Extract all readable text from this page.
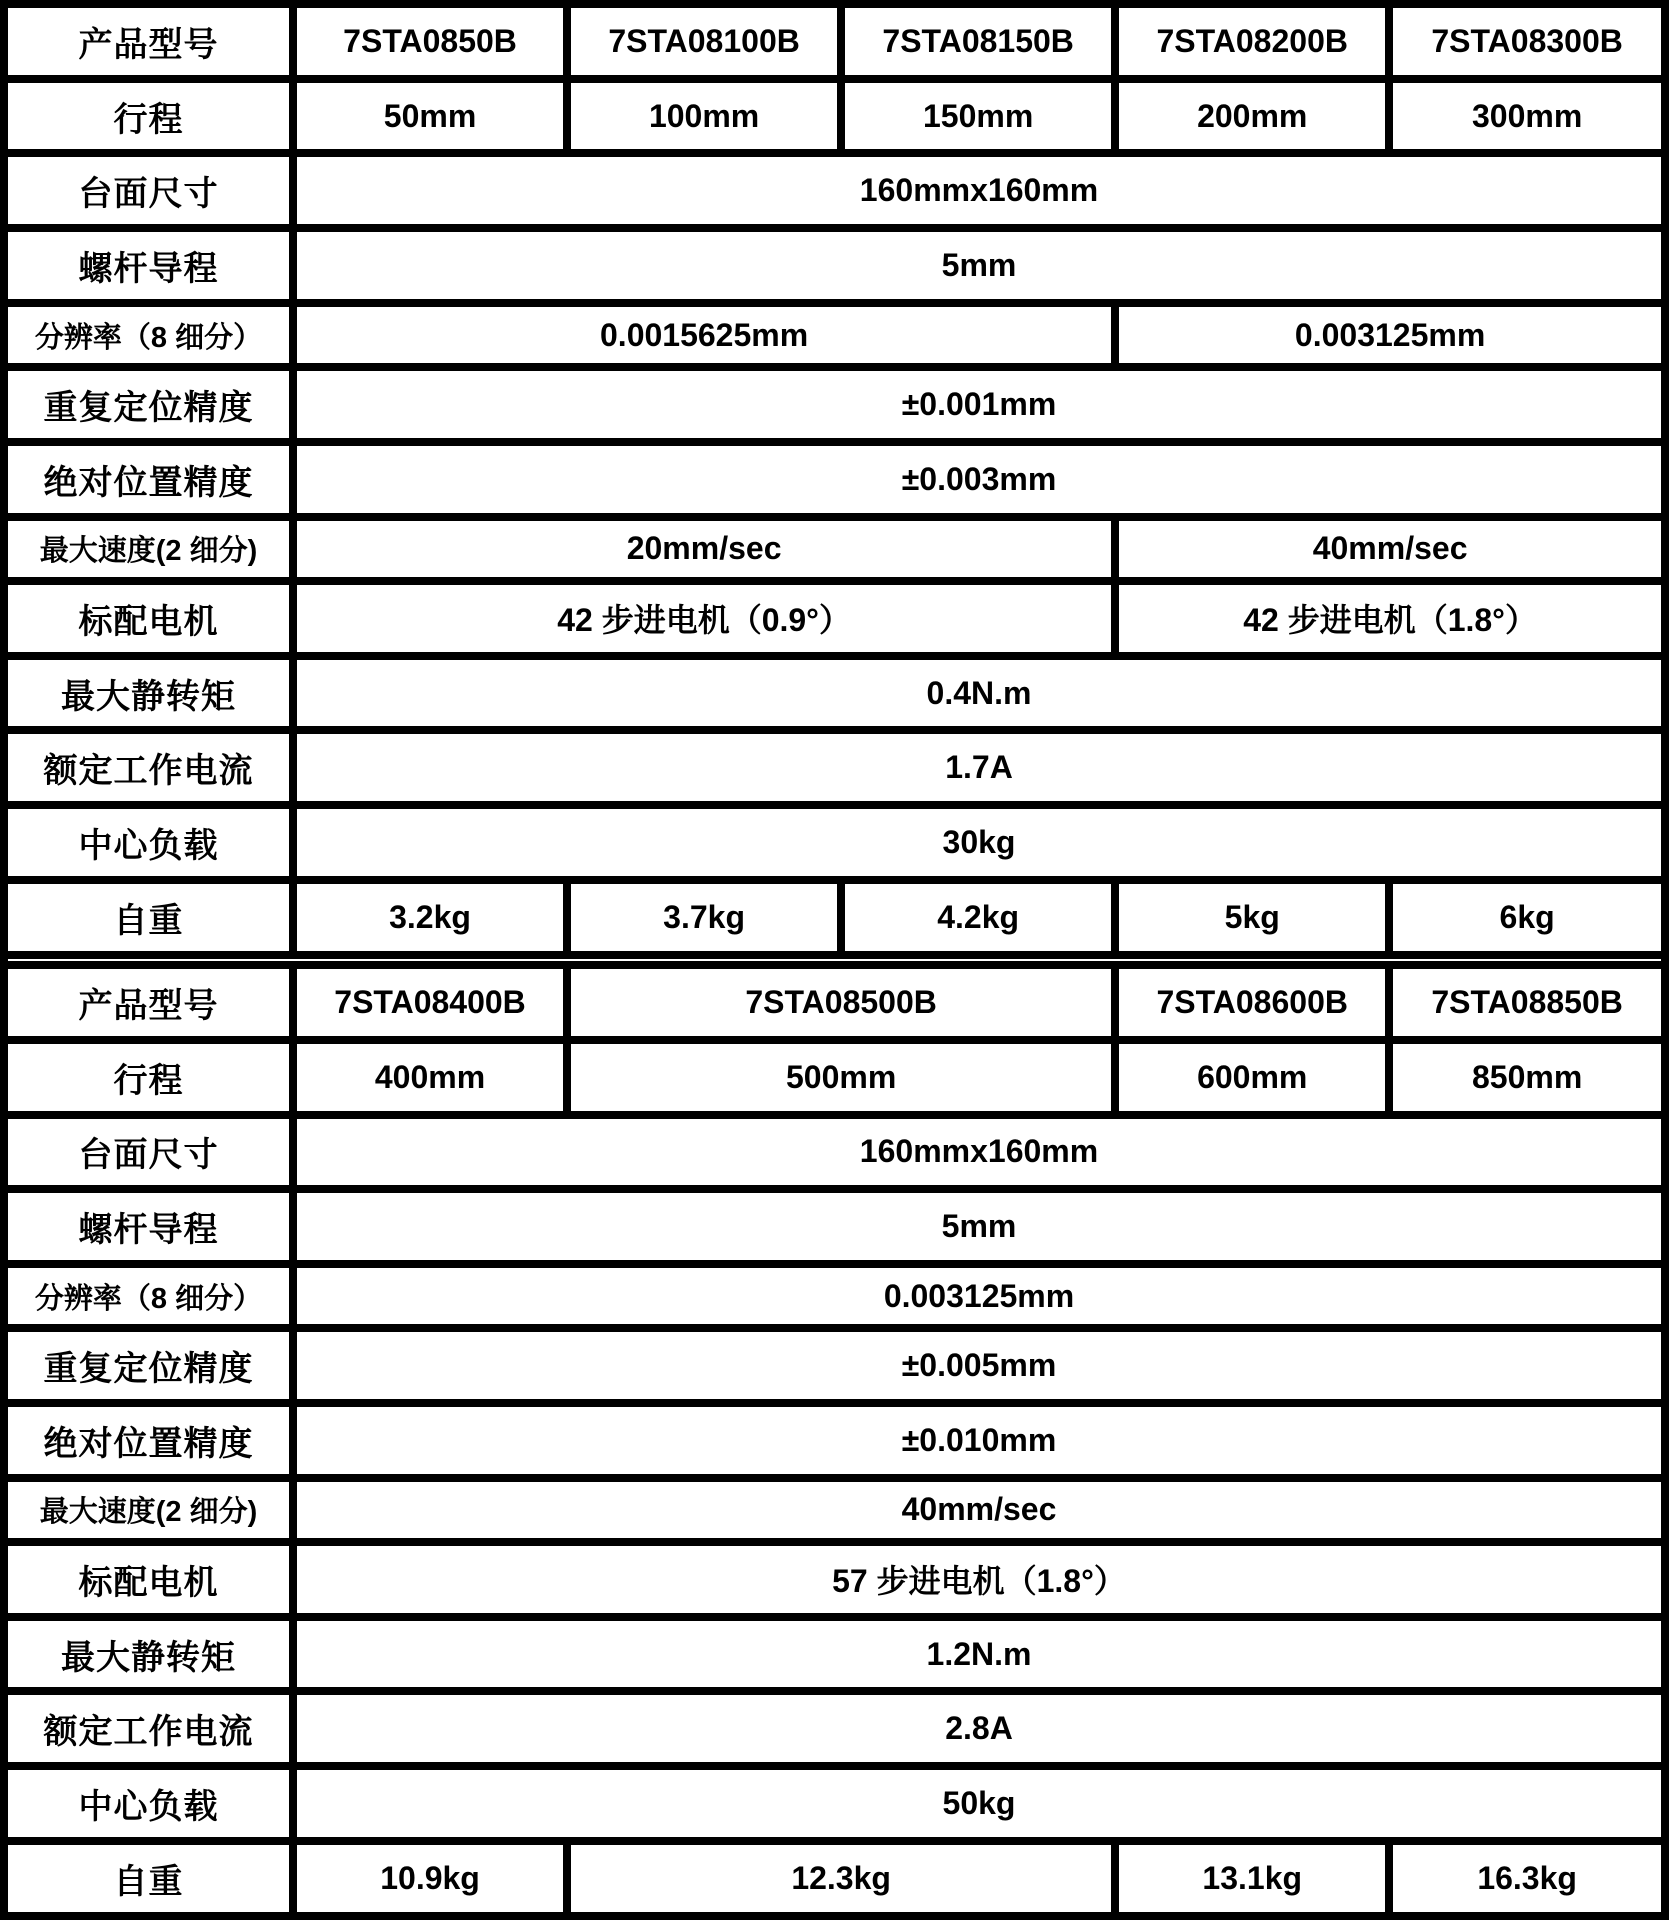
产品型号	7STA0850B	7STA08100B	7STA08150B	7STA08200B	7STA08300B
行程	50mm	100mm	150mm	200mm	300mm
台面尺寸	160mmx160mm				
螺杆导程	5mm				
分辨率（8 细分）	0.0015625mm			0.003125mm	
重复定位精度	±0.001mm				
绝对位置精度	±0.003mm				
最大速度(2 细分)	20mm/sec			40mm/sec	
标配电机	42 步进电机（0.9°）			42 步进电机（1.8°）	
最大静转矩	0.4N.m				
额定工作电流	1.7A				
中心负载	30kg				
自重	3.2kg	3.7kg	4.2kg	5kg	6kg

产品型号	7STA08400B	7STA08500B		7STA08600B	7STA08850B
行程	400mm	500mm		600mm	850mm
台面尺寸	160mmx160mm				
螺杆导程	5mm				
分辨率（8 细分）	0.003125mm				
重复定位精度	±0.005mm				
绝对位置精度	±0.010mm				
最大速度(2 细分)	40mm/sec				
标配电机	57 步进电机（1.8°）				
最大静转矩	1.2N.m				
额定工作电流	2.8A				
中心负载	50kg				
自重	10.9kg	12.3kg		13.1kg	16.3kg
